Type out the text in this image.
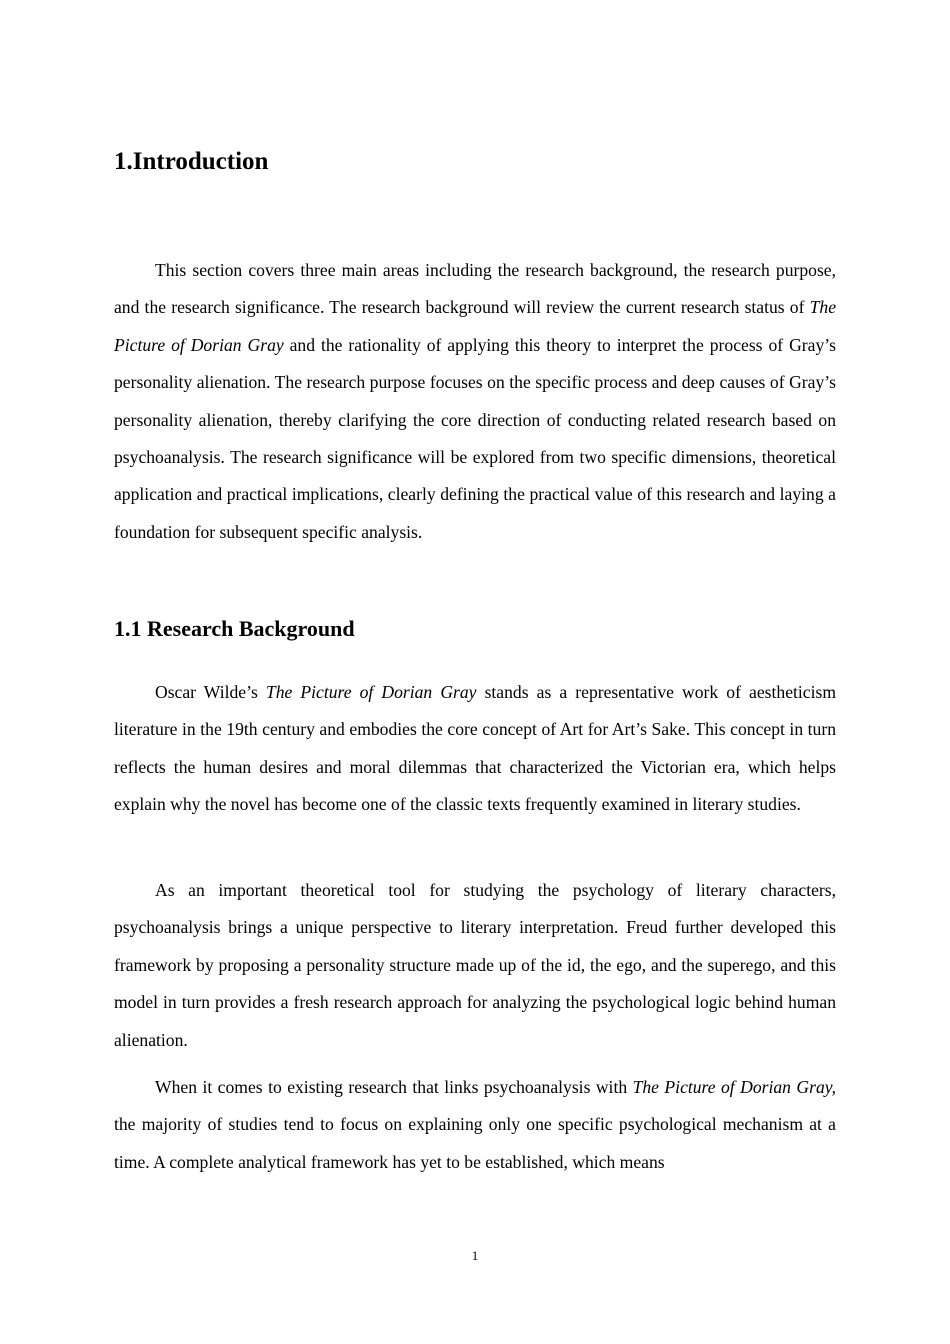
1.Introduction

This section covers three main areas including the research background, the research purpose, and the research significance. The research background will review the current research status of The Picture of Dorian Gray and the rationality of applying this theory to interpret the process of Gray’s personality alienation. The research purpose focuses on the specific process and deep causes of Gray’s personality alienation, thereby clarifying the core direction of conducting related research based on psychoanalysis. The research significance will be explored from two specific dimensions, theoretical application and practical implications, clearly defining the practical value of this research and laying a foundation for subsequent specific analysis.

1.1 Research Background

Oscar Wilde’s The Picture of Dorian Gray stands as a representative work of aestheticism literature in the 19th century and embodies the core concept of Art for Art’s Sake. This concept in turn reflects the human desires and moral dilemmas that characterized the Victorian era, which helps explain why the novel has become one of the classic texts frequently examined in literary studies.

As an important theoretical tool for studying the psychology of literary characters, psychoanalysis brings a unique perspective to literary interpretation. Freud further developed this framework by proposing a personality structure made up of the id, the ego, and the superego, and this model in turn provides a fresh research approach for analyzing the psychological logic behind human alienation.

When it comes to existing research that links psychoanalysis with The Picture of Dorian Gray, the majority of studies tend to focus on explaining only one specific psychological mechanism at a time. A complete analytical framework has yet to be established, which means

1
